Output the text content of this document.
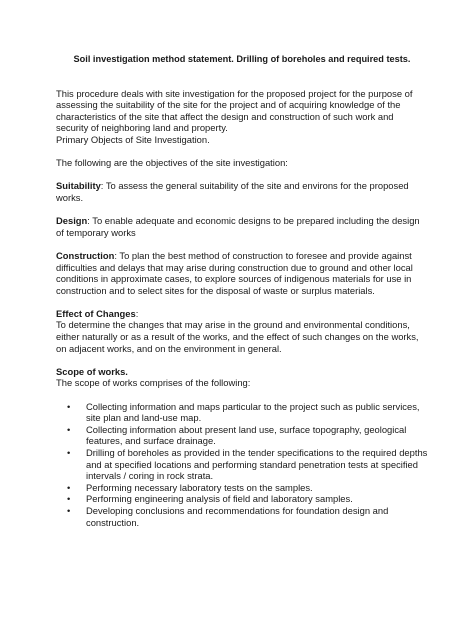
Soil investigation method statement. Drilling of boreholes and required tests.

This procedure deals with site investigation for the proposed project for the purpose of assessing the suitability of the site for the project and of acquiring knowledge of the characteristics of the site that affect the design and construction of such work and security of neighboring land and property.

Primary Objects of Site Investigation.

The following are the objectives of the site investigation:

Suitability: To assess the general suitability of the site and environs for the proposed works.

Design: To enable adequate and economic designs to be prepared including the design of temporary works

Construction: To plan the best method of construction to foresee and provide against difficulties and delays that may arise during construction due to ground and other local conditions in approximate cases, to explore sources of indigenous materials for use in construction and to select sites for the disposal of waste or surplus materials.

Effect of Changes:

To determine the changes that may arise in the ground and environmental conditions, either naturally or as a result of the works, and the effect of such changes on the works, on adjacent works, and on the environment in general.

Scope of works.

The scope of works comprises of the following:

• Collecting information and maps particular to the project such as public services, site plan and land-use map.
• Collecting information about present land use, surface topography, geological features, and surface drainage.
• Drilling of boreholes as provided in the tender specifications to the required depths
and at specified locations and performing standard penetration tests at specified intervals / coring in rock strata.
• Performing necessary laboratory tests on the samples.
• Performing engineering analysis of field and laboratory samples.
• Developing conclusions and recommendations for foundation design and construction.
